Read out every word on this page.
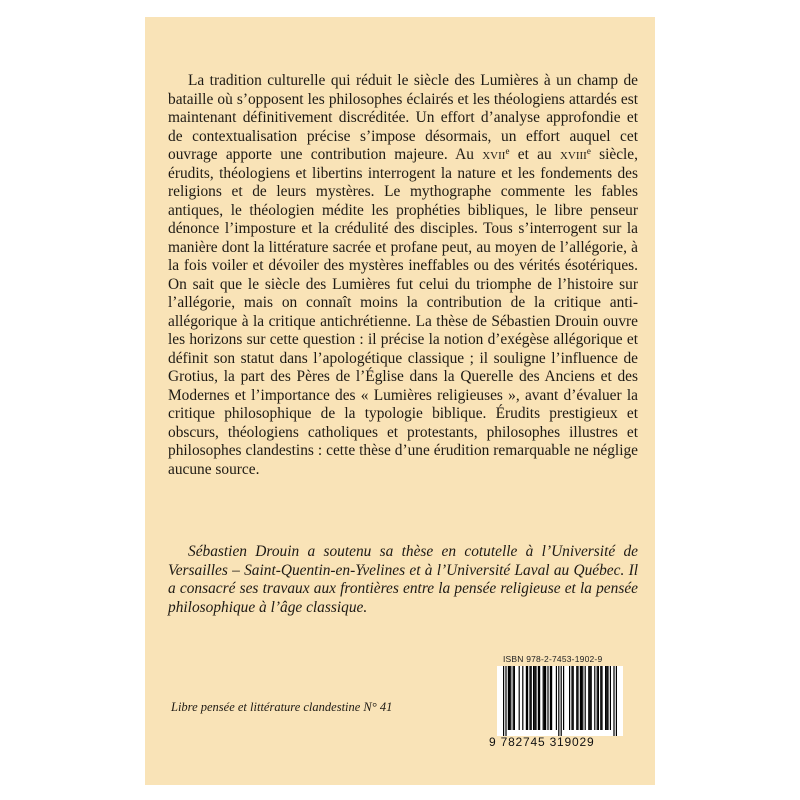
La tradition culturelle qui réduit le siècle des Lumières à un champ de bataille où s’opposent les philosophes éclairés et les théologiens attardés est maintenant définitivement discréditée. Un effort d’analyse approfondie et de contextualisation précise s’impose désormais, un effort auquel cet ouvrage apporte une contribution majeure. Au xvii$^e$ et au xviii$^e$ siècle, érudits, théologiens et libertins interrogent la nature et les fondements des religions et de leurs mystères. Le mythographe commente les fables antiques, le théologien médite les prophéties bibliques, le libre penseur dénonce l’imposture et la crédulité des disciples. Tous s’interrogent sur la manière dont la littérature sacrée et profane peut, au moyen de l’allégorie, à la fois voiler et dévoiler des mystères ineffables ou des vérités ésotériques. On sait que le siècle des Lumières fut celui du triomphe de l’histoire sur l’allégorie, mais on connaît moins la contribution de la critique anti-allégorique à la critique antichrétienne. La thèse de Sébastien Drouin ouvre les horizons sur cette question : il précise la notion d’exégèse allégorique et définit son statut dans l’apologétique classique ; il souligne l’influence de Grotius, la part des Pères de l’Église dans la Querelle des Anciens et des Modernes et l’importance des « Lumières religieuses », avant d’évaluer la critique philosophique de la typologie biblique. Érudits prestigieux et obscurs, théologiens catholiques et protestants, philosophes illustres et philosophes clandestins : cette thèse d’une érudition remarquable ne néglige aucune source.

Sébastien Drouin a soutenu sa thèse en cotutelle à l’Université de Versailles – Saint-Quentin-en-Yvelines et à l’Université Laval au Québec. Il a consacré ses travaux aux frontières entre la pensée religieuse et la pensée philosophique à l’âge classique.

Libre pensée et littérature clandestine N° 41
ISBN 978-2-7453-1902-9
9 782745 319029
